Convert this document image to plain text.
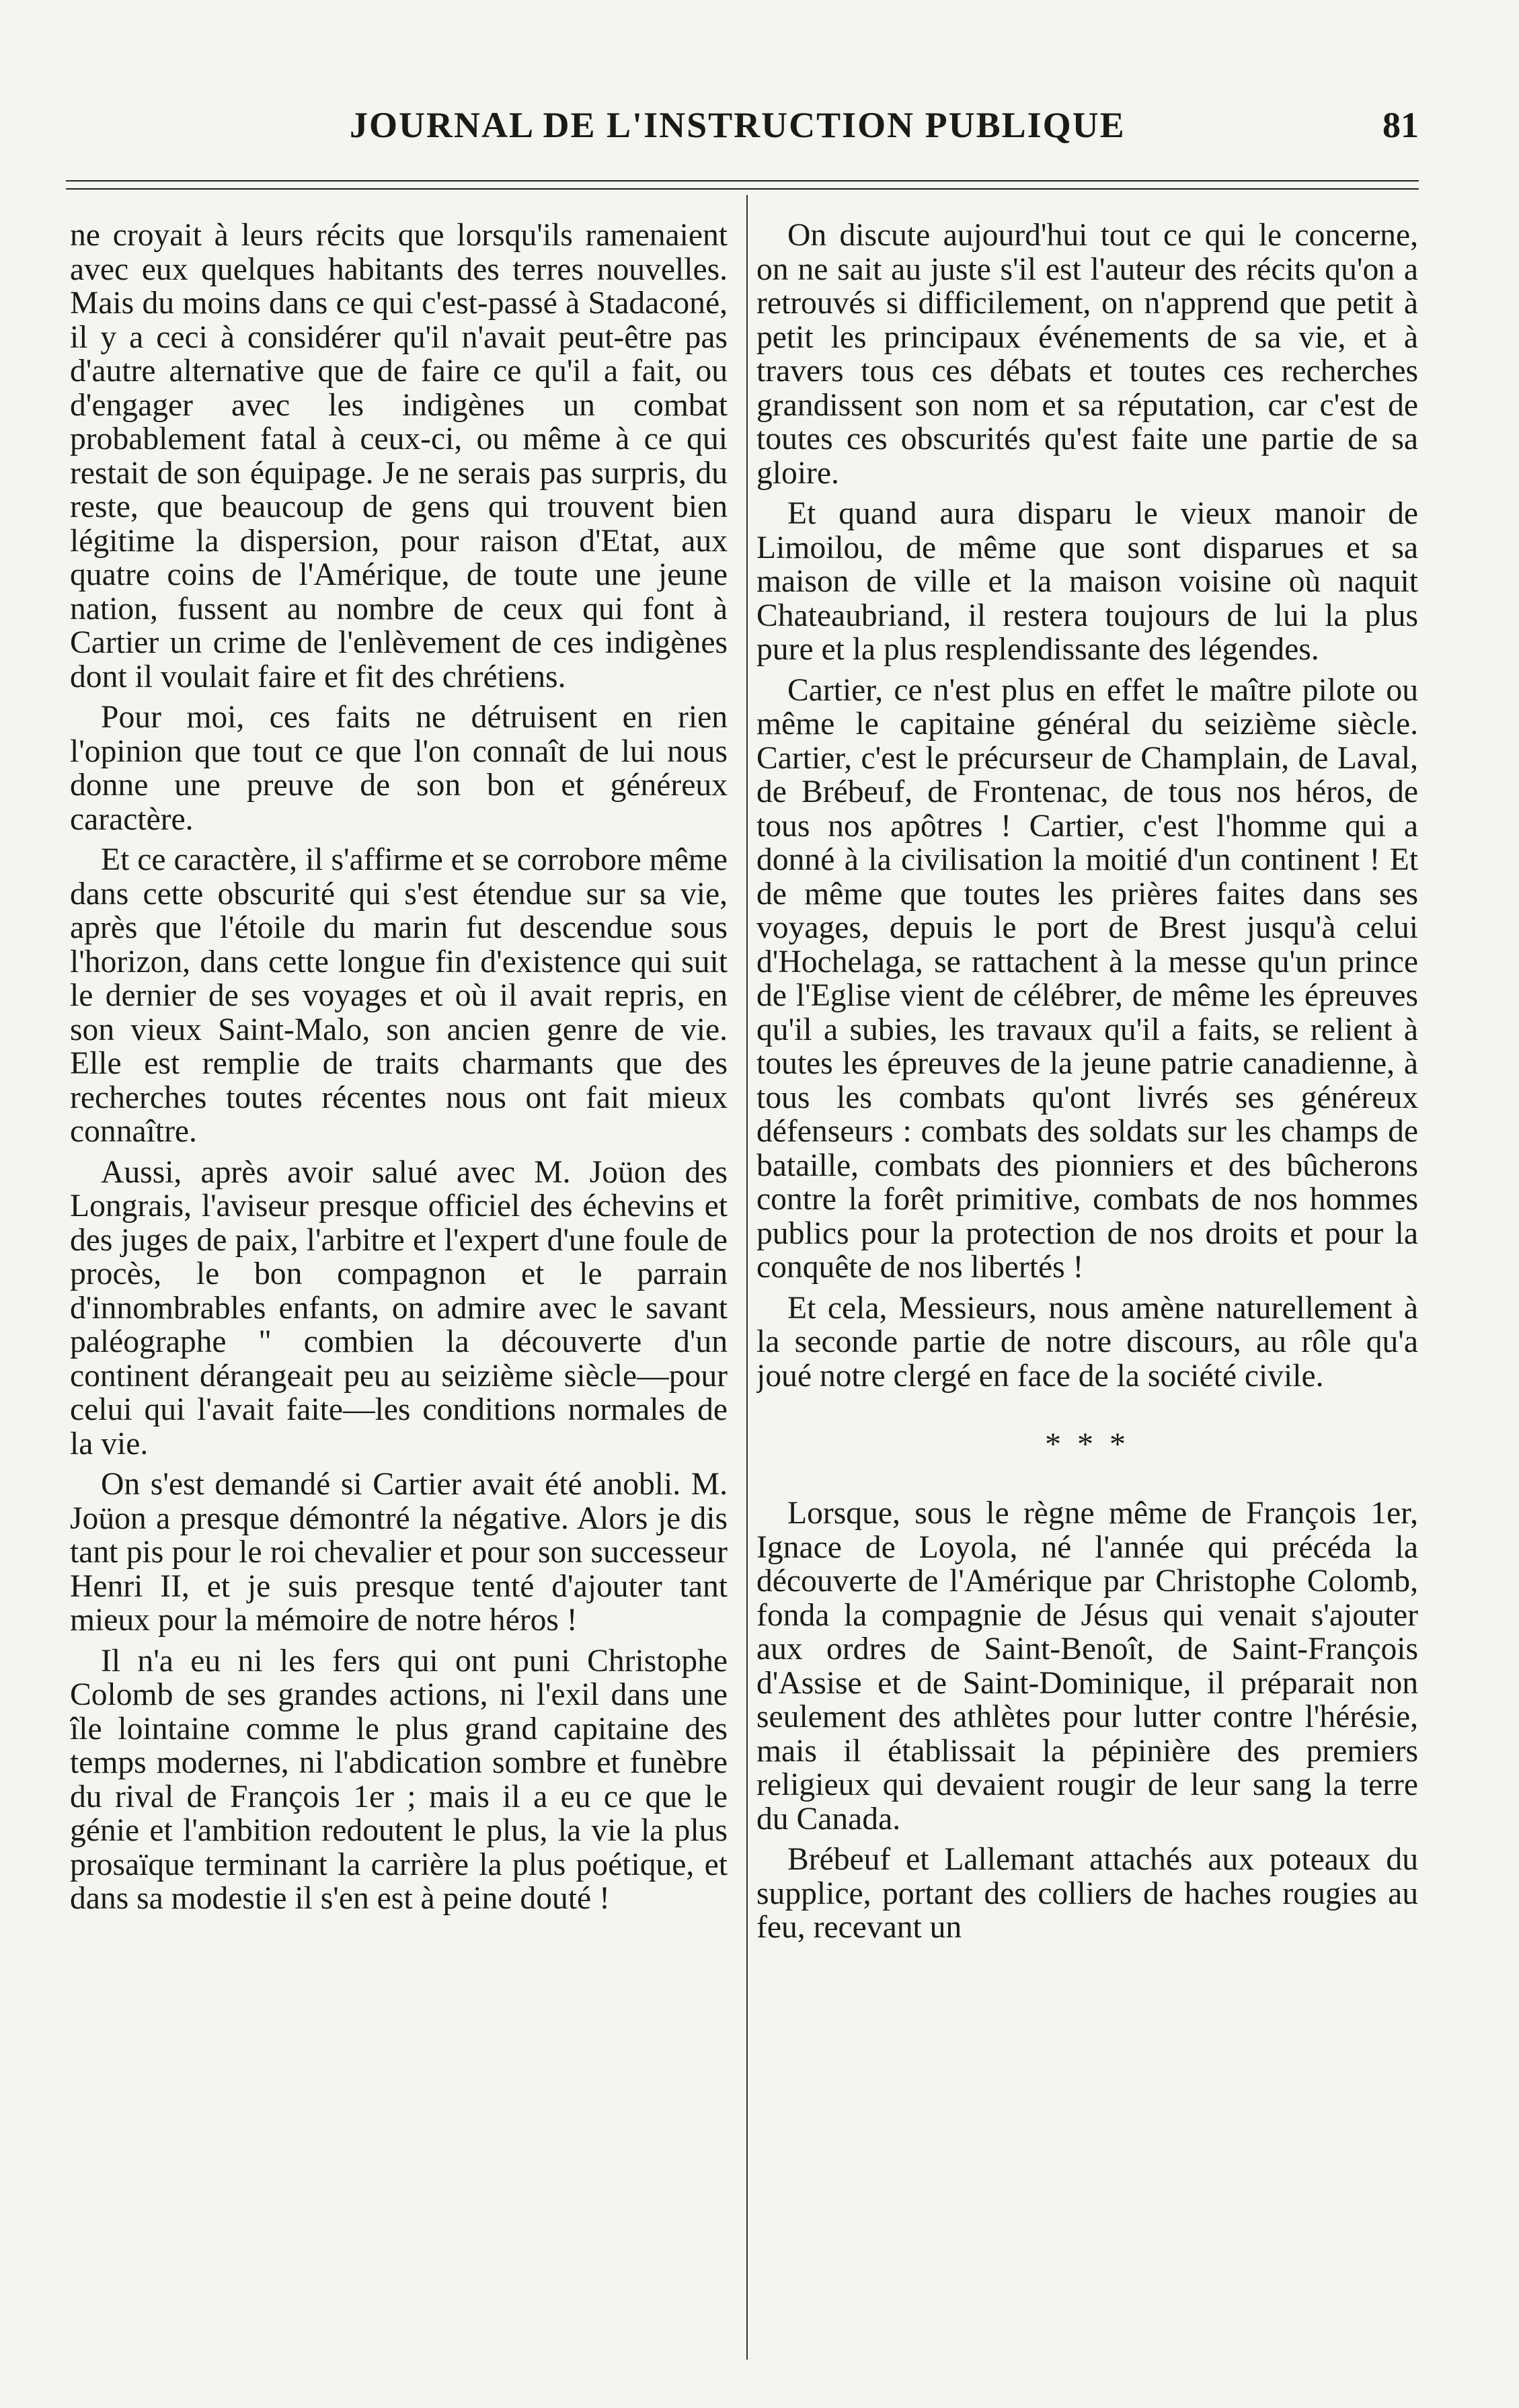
JOURNAL DE L'INSTRUCTION PUBLIQUE	81

ne croyait à leurs récits que lorsqu'ils ramenaient avec eux quelques habitants des terres nouvelles. Mais du moins dans ce qui c'est-passé à Stadaconé, il y a ceci à considérer qu'il n'avait peut-être pas d'autre alternative que de faire ce qu'il a fait, ou d'engager avec les indigènes un combat probablement fatal à ceux-ci, ou même à ce qui restait de son équipage. Je ne serais pas surpris, du reste, que beaucoup de gens qui trouvent bien légitime la dispersion, pour raison d'Etat, aux quatre coins de l'Amérique, de toute une jeune nation, fussent au nombre de ceux qui font à Cartier un crime de l'enlèvement de ces indigènes dont il voulait faire et fit des chrétiens.

Pour moi, ces faits ne détruisent en rien l'opinion que tout ce que l'on connaît de lui nous donne une preuve de son bon et généreux caractère.

Et ce caractère, il s'affirme et se corrobore même dans cette obscurité qui s'est étendue sur sa vie, après que l'étoile du marin fut descendue sous l'horizon, dans cette longue fin d'existence qui suit le dernier de ses voyages et où il avait repris, en son vieux Saint-Malo, son ancien genre de vie. Elle est remplie de traits charmants que des recherches toutes récentes nous ont fait mieux connaître.

Aussi, après avoir salué avec M. Joüon des Longrais, l'aviseur presque officiel des échevins et des juges de paix, l'arbitre et l'expert d'une foule de procès, le bon compagnon et le parrain d'innombrables enfants, on admire avec le savant paléographe " combien la découverte d'un continent dérangeait peu au seizième siècle—pour celui qui l'avait faite—les conditions normales de la vie.

On s'est demandé si Cartier avait été anobli. M. Joüon a presque démontré la négative. Alors je dis tant pis pour le roi chevalier et pour son successeur Henri II, et je suis presque tenté d'ajouter tant mieux pour la mémoire de notre héros !

Il n'a eu ni les fers qui ont puni Christophe Colomb de ses grandes actions, ni l'exil dans une île lointaine comme le plus grand capitaine des temps modernes, ni l'abdication sombre et funèbre du rival de François 1er ; mais il a eu ce que le génie et l'ambition redoutent le plus, la vie la plus prosaïque terminant la carrière la plus poétique, et dans sa modestie il s'en est à peine douté !

On discute aujourd'hui tout ce qui le concerne, on ne sait au juste s'il est l'auteur des récits qu'on a retrouvés si difficilement, on n'apprend que petit à petit les principaux événements de sa vie, et à travers tous ces débats et toutes ces recherches grandissent son nom et sa réputation, car c'est de toutes ces obscurités qu'est faite une partie de sa gloire.

Et quand aura disparu le vieux manoir de Limoilou, de même que sont disparues et sa maison de ville et la maison voisine où naquit Chateaubriand, il restera toujours de lui la plus pure et la plus resplendissante des légendes.

Cartier, ce n'est plus en effet le maître pilote ou même le capitaine général du seizième siècle. Cartier, c'est le précurseur de Champlain, de Laval, de Brébeuf, de Frontenac, de tous nos héros, de tous nos apôtres ! Cartier, c'est l'homme qui a donné à la civilisation la moitié d'un continent ! Et de même que toutes les prières faites dans ses voyages, depuis le port de Brest jusqu'à celui d'Hochelaga, se rattachent à la messe qu'un prince de l'Eglise vient de célébrer, de même les épreuves qu'il a subies, les travaux qu'il a faits, se relient à toutes les épreuves de la jeune patrie canadienne, à tous les combats qu'ont livrés ses généreux défenseurs : combats des soldats sur les champs de bataille, combats des pionniers et des bûcherons contre la forêt primitive, combats de nos hommes publics pour la protection de nos droits et pour la conquête de nos libertés !

Et cela, Messieurs, nous amène naturellement à la seconde partie de notre discours, au rôle qu'a joué notre clergé en face de la société civile.

* * *

Lorsque, sous le règne même de François 1er, Ignace de Loyola, né l'année qui précéda la découverte de l'Amérique par Christophe Colomb, fonda la compagnie de Jésus qui venait s'ajouter aux ordres de Saint-Benoît, de Saint-François d'Assise et de Saint-Dominique, il préparait non seulement des athlètes pour lutter contre l'hérésie, mais il établissait la pépinière des premiers religieux qui devaient rougir de leur sang la terre du Canada.

Brébeuf et Lallemant attachés aux poteaux du supplice, portant des colliers de haches rougies au feu, recevant un
